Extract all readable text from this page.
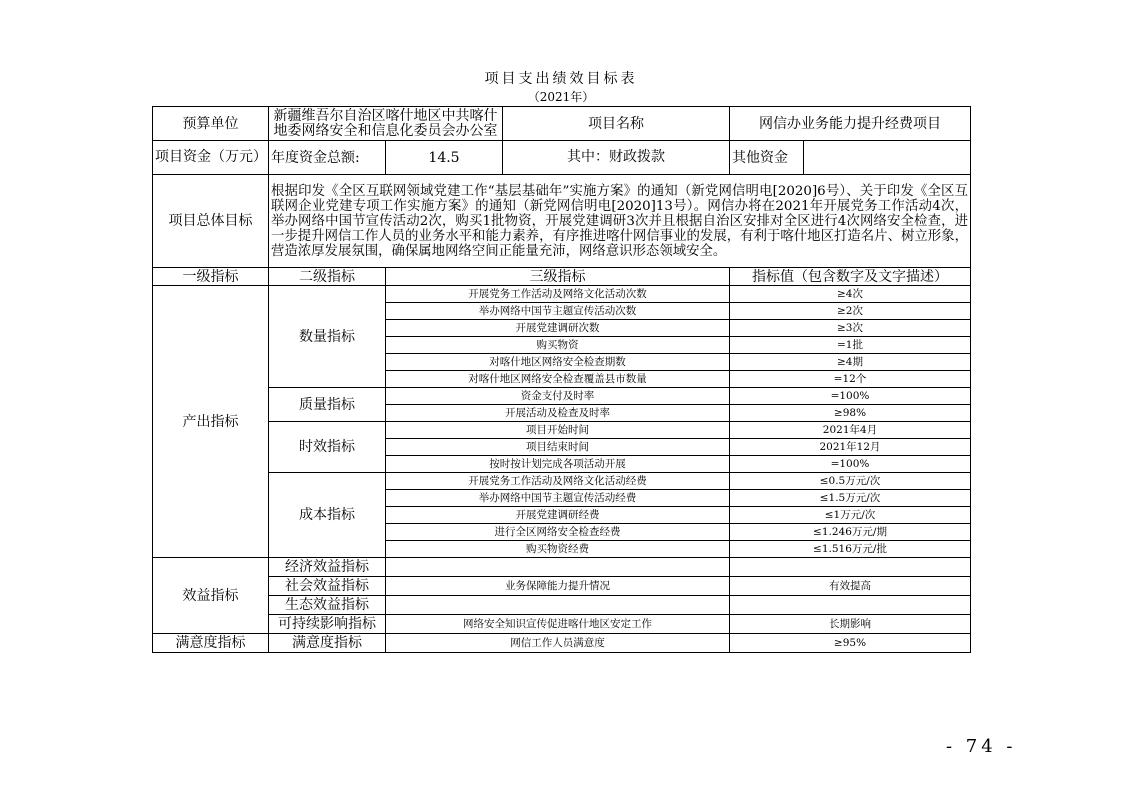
项目支出绩效目标表
（2021年）
预算单位	新疆维吾尔自治区喀什地区中共喀什地委网络安全和信息化委员会办公室		项目名称	网信办业务能力提升经费项目	
项目资金（万元）	年度资金总额:	14.5	其中：财政拨款	其他资金	
项目总体目标	根据印发《全区互联网领域党建工作“基层基础年”实施方案》的通知（新党网信明电[2020]6号）、关于印发《全区互联网企业党建专项工作实施方案》的通知（新党网信明电[2020]13号）。网信办将在2021年开展党务工作活动4次，举办网络中国节宣传活动2次，购买1批物资，开展党建调研3次并且根据自治区安排对全区进行4次网络安全检查，进一步提升网信工作人员的业务水平和能力素养，有序推进喀什网信事业的发展，有利于喀什地区打造名片、树立形象，营造浓厚发展氛围，确保属地网络空间正能量充沛，网络意识形态领域安全。				
一级指标	二级指标	三级指标		指标值（包含数字及文字描述）	
产出指标	数量指标	开展党务工作活动及网络文化活动次数		≥4次	
		举办网络中国节主题宣传活动次数		≥2次	
		开展党建调研次数		≥3次	
		购买物资		=1批	
		对喀什地区网络安全检查期数		≥4期	
		对喀什地区网络安全检查覆盖县市数量		=12个	
	质量指标	资金支付及时率		=100%	
		开展活动及检查及时率		≥98%	
	时效指标	项目开始时间		2021年4月	
		项目结束时间		2021年12月	
		按时按计划完成各项活动开展		=100%	
	成本指标	开展党务工作活动及网络文化活动经费		≤0.5万元/次	
		举办网络中国节主题宣传活动经费		≤1.5万元/次	
		开展党建调研经费		≤1万元/次	
		进行全区网络安全检查经费		≤1.246万元/期	
		购买物资经费		≤1.516万元/批	
效益指标	经济效益指标				
	社会效益指标	业务保障能力提升情况		有效提高	
	生态效益指标				
	可持续影响指标	网络安全知识宣传促进喀什地区安定工作		长期影响	
满意度指标	满意度指标	网信工作人员满意度		≥95%	
- 74 -
